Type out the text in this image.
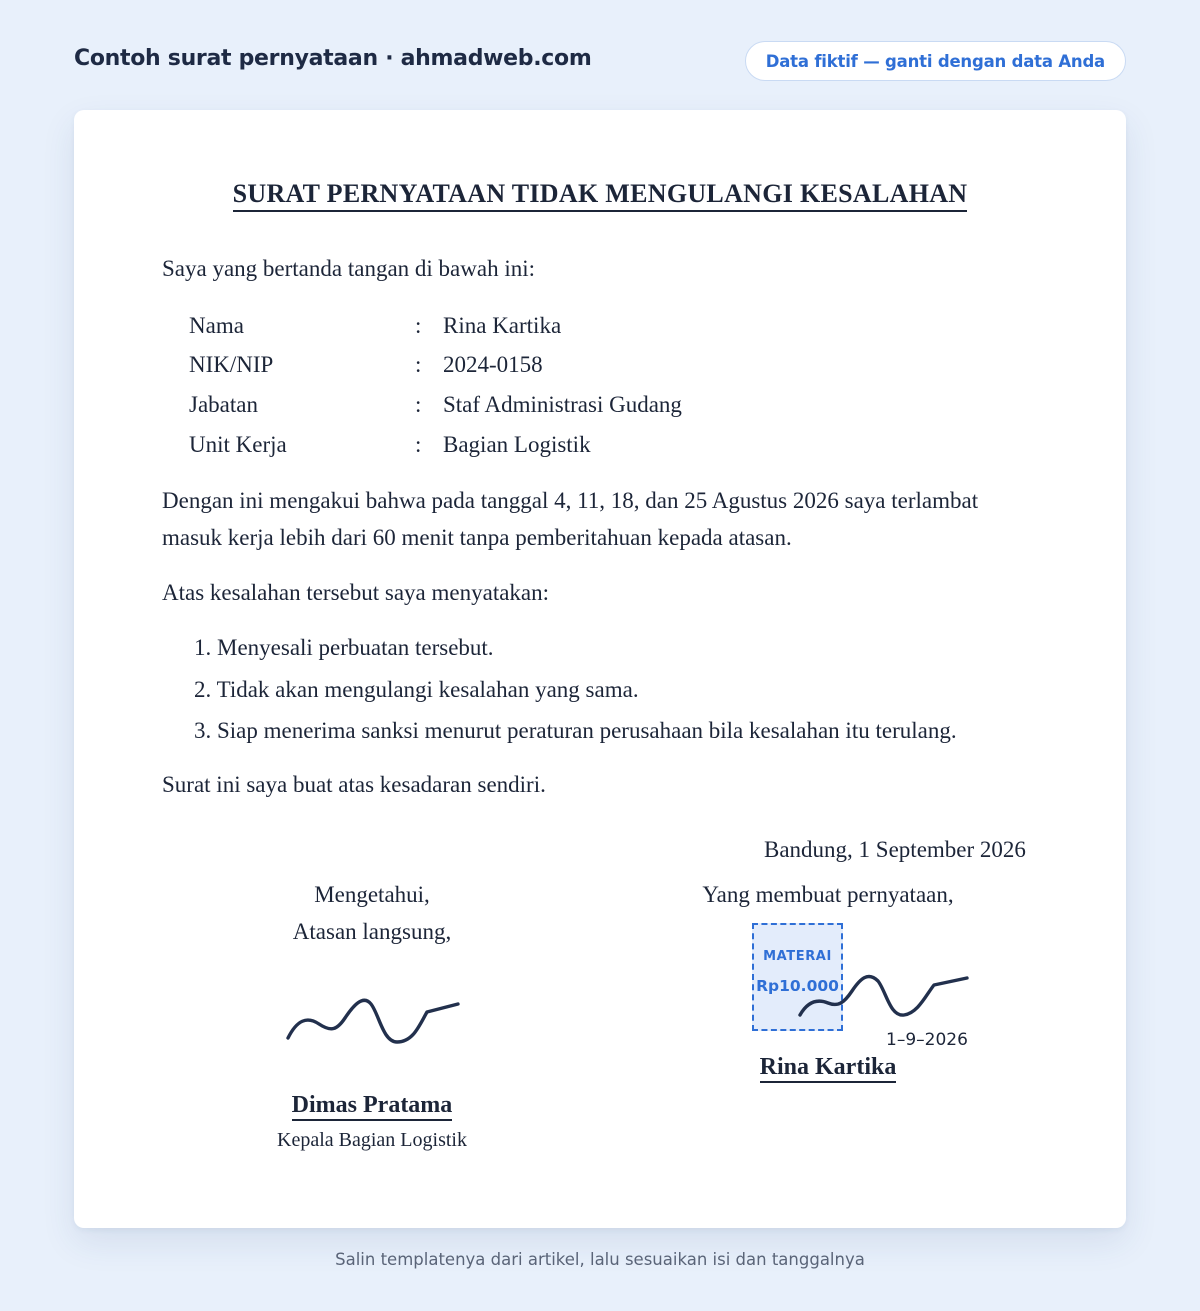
Contoh surat pernyataan · ahmadweb.com	Data fiktif — ganti dengan data Anda
SURAT PERNYATAAN TIDAK MENGULANGI KESALAHAN
Saya yang bertanda tangan di bawah ini:
Nama	: Rina Kartika
NIK/NIP	: 2024-0158
Jabatan	: Staf Administrasi Gudang
Unit Kerja	: Bagian Logistik
Dengan ini mengakui bahwa pada tanggal 4, 11, 18, dan 25 Agustus 2026 saya terlambat
masuk kerja lebih dari 60 menit tanpa pemberitahuan kepada atasan.
Atas kesalahan tersebut saya menyatakan:
1. Menyesali perbuatan tersebut.
2. Tidak akan mengulangi kesalahan yang sama.
3. Siap menerima sanksi menurut peraturan perusahaan bila kesalahan itu terulang.
Surat ini saya buat atas kesadaran sendiri.
Bandung, 1 September 2026
Mengetahui,
Atasan langsung,
Dimas Pratama
Kepala Bagian Logistik
Yang membuat pernyataan,
MATERAI
Rp10.000
1–9–2026
Rina Kartika
Salin templatenya dari artikel, lalu sesuaikan isi dan tanggalnya
